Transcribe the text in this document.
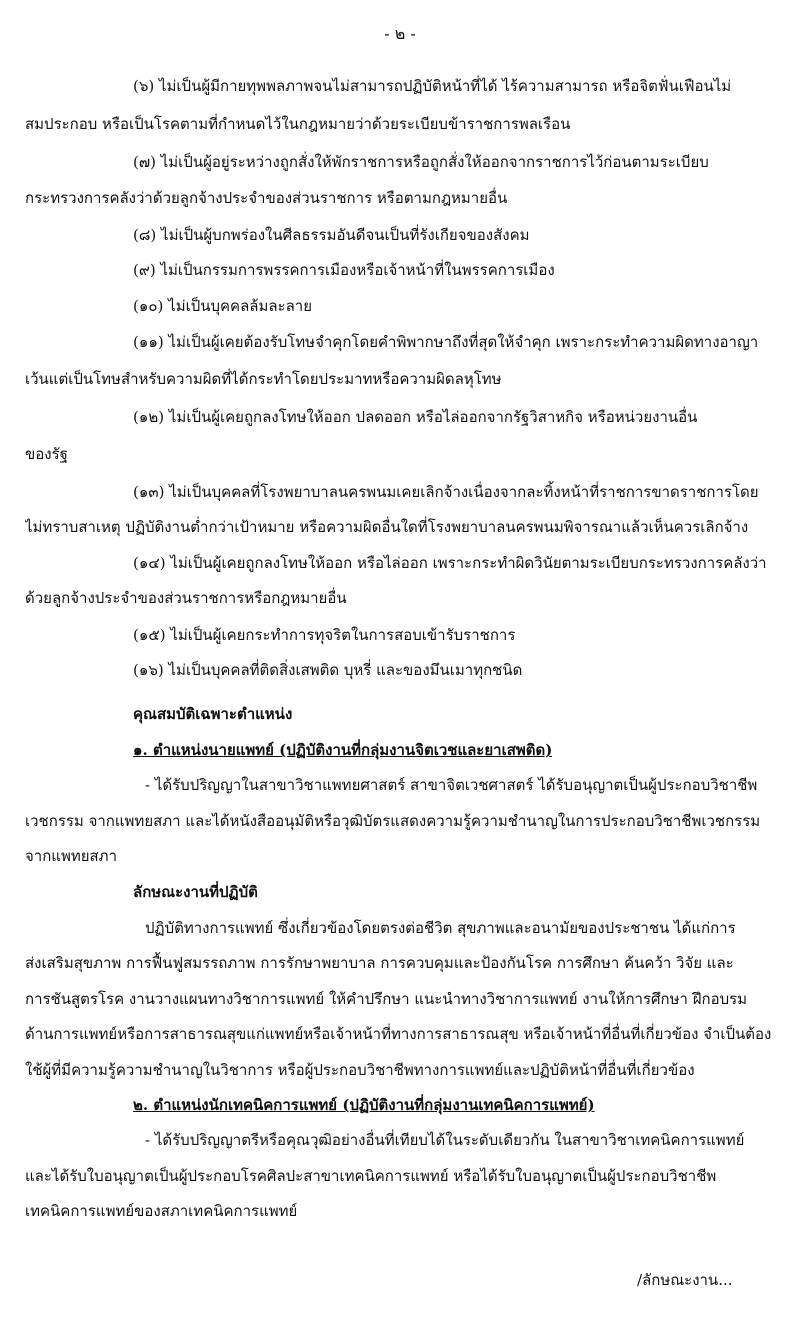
- ๒ -
(๖) ไม่เป็นผู้มีกายทุพพลภาพจนไม่สามารถปฏิบัติหน้าที่ได้ ไร้ความสามารถ หรือจิตฟั่นเฟือนไม่
สมประกอบ หรือเป็นโรคตามที่กำหนดไว้ในกฎหมายว่าด้วยระเบียบข้าราชการพลเรือน
(๗) ไม่เป็นผู้อยู่ระหว่างถูกสั่งให้พักราชการหรือถูกสั่งให้ออกจากราชการไว้ก่อนตามระเบียบ
กระทรวงการคลังว่าด้วยลูกจ้างประจำของส่วนราชการ หรือตามกฎหมายอื่น
(๘) ไม่เป็นผู้บกพร่องในศีลธรรมอันดีจนเป็นที่รังเกียจของสังคม
(๙) ไม่เป็นกรรมการพรรคการเมืองหรือเจ้าหน้าที่ในพรรคการเมือง
(๑๐) ไม่เป็นบุคคลล้มละลาย
(๑๑) ไม่เป็นผู้เคยต้องรับโทษจำคุกโดยคำพิพากษาถึงที่สุดให้จำคุก เพราะกระทำความผิดทางอาญา
เว้นแต่เป็นโทษสำหรับความผิดที่ได้กระทำโดยประมาทหรือความผิดลหุโทษ
(๑๒) ไม่เป็นผู้เคยถูกลงโทษให้ออก ปลดออก หรือไล่ออกจากรัฐวิสาหกิจ หรือหน่วยงานอื่น
ของรัฐ
(๑๓) ไม่เป็นบุคคลที่โรงพยาบาลนครพนมเคยเลิกจ้างเนื่องจากละทิ้งหน้าที่ราชการขาดราชการโดย
ไม่ทราบสาเหตุ ปฏิบัติงานต่ำกว่าเป้าหมาย หรือความผิดอื่นใดที่โรงพยาบาลนครพนมพิจารณาแล้วเห็นควรเลิกจ้าง
(๑๔) ไม่เป็นผู้เคยถูกลงโทษให้ออก หรือไล่ออก เพราะกระทำผิดวินัยตามระเบียบกระทรวงการคลังว่า
ด้วยลูกจ้างประจำของส่วนราชการหรือกฎหมายอื่น
(๑๕) ไม่เป็นผู้เคยกระทำการทุจริตในการสอบเข้ารับราชการ
(๑๖) ไม่เป็นบุคคลที่ติดสิ่งเสพติด บุหรี่ และของมึนเมาทุกชนิด
คุณสมบัติเฉพาะตำแหน่ง
๑. ตำแหน่งนายแพทย์ (ปฏิบัติงานที่กลุ่มงานจิตเวชและยาเสพติด)
- ได้รับปริญญาในสาขาวิชาแพทยศาสตร์ สาขาจิตเวชศาสตร์ ได้รับอนุญาตเป็นผู้ประกอบวิชาชีพ
เวชกรรม จากแพทยสภา และได้หนังสืออนุมัติหรือวุฒิบัตรแสดงความรู้ความชำนาญในการประกอบวิชาชีพเวชกรรม
จากแพทยสภา
ลักษณะงานที่ปฏิบัติ
ปฏิบัติทางการแพทย์ ซึ่งเกี่ยวข้องโดยตรงต่อชีวิต สุขภาพและอนามัยของประชาชน ได้แก่การ
ส่งเสริมสุขภาพ การฟื้นฟูสมรรถภาพ การรักษาพยาบาล การควบคุมและป้องกันโรค การศึกษา ค้นคว้า วิจัย และ
การชันสูตรโรค งานวางแผนทางวิชาการแพทย์ ให้คำปรึกษา แนะนำทางวิชาการแพทย์ งานให้การศึกษา ฝึกอบรม
ด้านการแพทย์หรือการสาธารณสุขแก่แพทย์หรือเจ้าหน้าที่ทางการสาธารณสุข หรือเจ้าหน้าที่อื่นที่เกี่ยวข้อง จำเป็นต้อง
ใช้ผู้ที่มีความรู้ความชำนาญในวิชาการ หรือผู้ประกอบวิชาชีพทางการแพทย์และปฏิบัติหน้าที่อื่นที่เกี่ยวข้อง
๒. ตำแหน่งนักเทคนิคการแพทย์ (ปฏิบัติงานที่กลุ่มงานเทคนิคการแพทย์)
- ได้รับปริญญาตรีหรือคุณวุฒิอย่างอื่นที่เทียบได้ในระดับเดียวกัน ในสาขาวิชาเทคนิคการแพทย์
และได้รับใบอนุญาตเป็นผู้ประกอบโรคศิลปะสาขาเทคนิคการแพทย์ หรือได้รับใบอนุญาตเป็นผู้ประกอบวิชาชีพ
เทคนิคการแพทย์ของสภาเทคนิคการแพทย์
/ลักษณะงาน...
